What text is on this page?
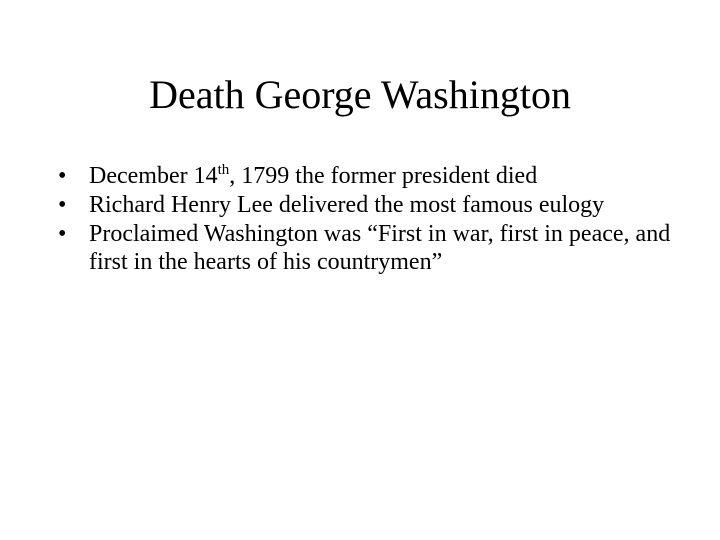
Death George Washington
• December 14th, 1799 the former president died
• Richard Henry Lee delivered the most famous eulogy
• Proclaimed Washington was “First in war, first in peace, and first in the hearts of his countrymen”
